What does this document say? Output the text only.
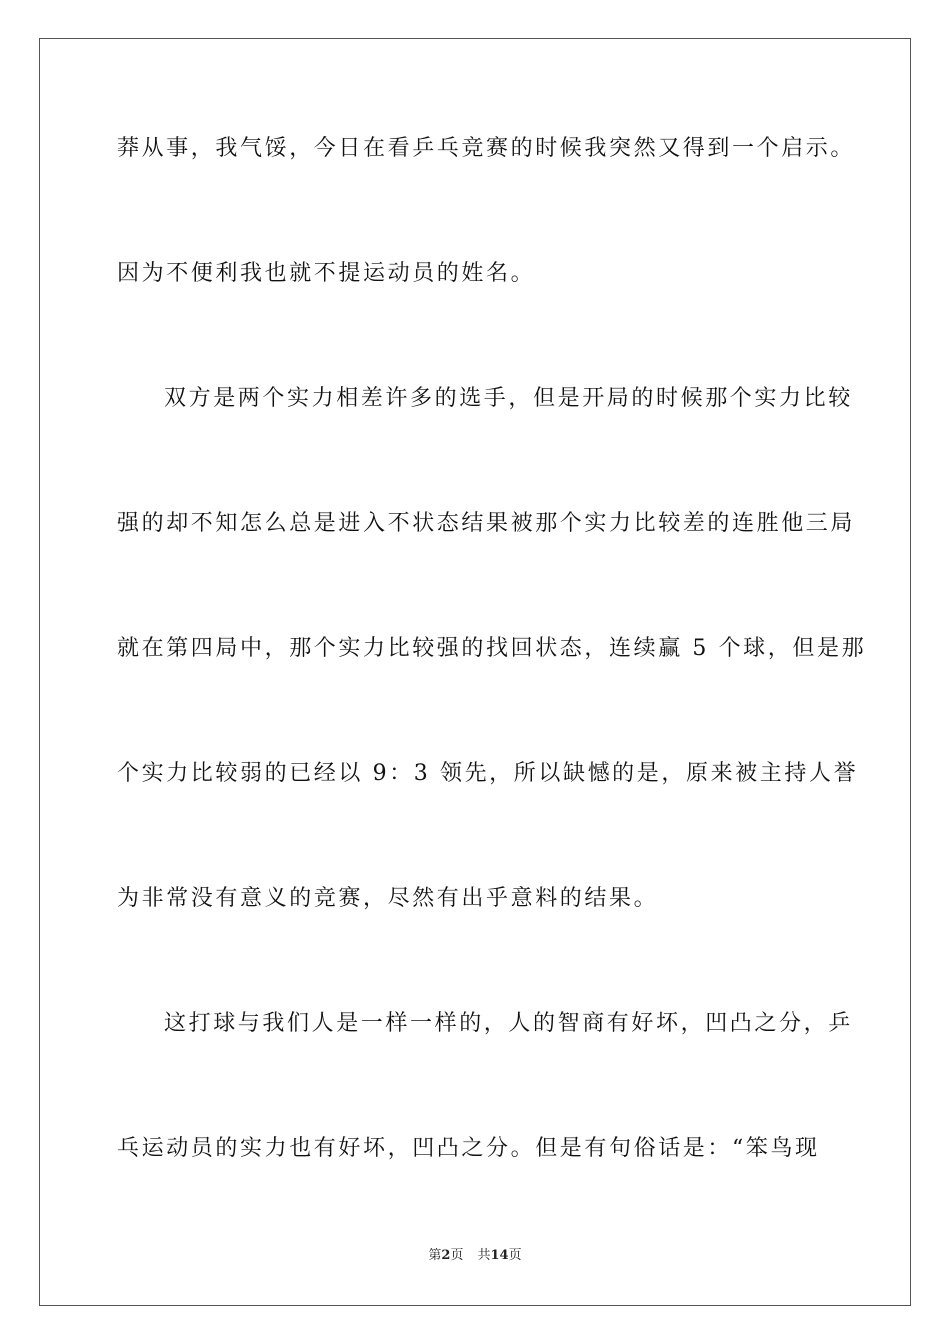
莽从事，我气馁，今日在看乒乓竞赛的时候我突然又得到一个启示。
因为不便利我也就不提运动员的姓名。
双方是两个实力相差许多的选手，但是开局的时候那个实力比较
强的却不知怎么总是进入不状态结果被那个实力比较差的连胜他三局
就在第四局中，那个实力比较强的找回状态，连续赢 5 个球，但是那
个实力比较弱的已经以 9：3 领先，所以缺憾的是，原来被主持人誉
为非常没有意义的竞赛，尽然有出乎意料的结果。
这打球与我们人是一样一样的，人的智商有好坏，凹凸之分，乒
乓运动员的实力也有好坏，凹凸之分。但是有句俗话是：“笨鸟现
第2页 共14页
